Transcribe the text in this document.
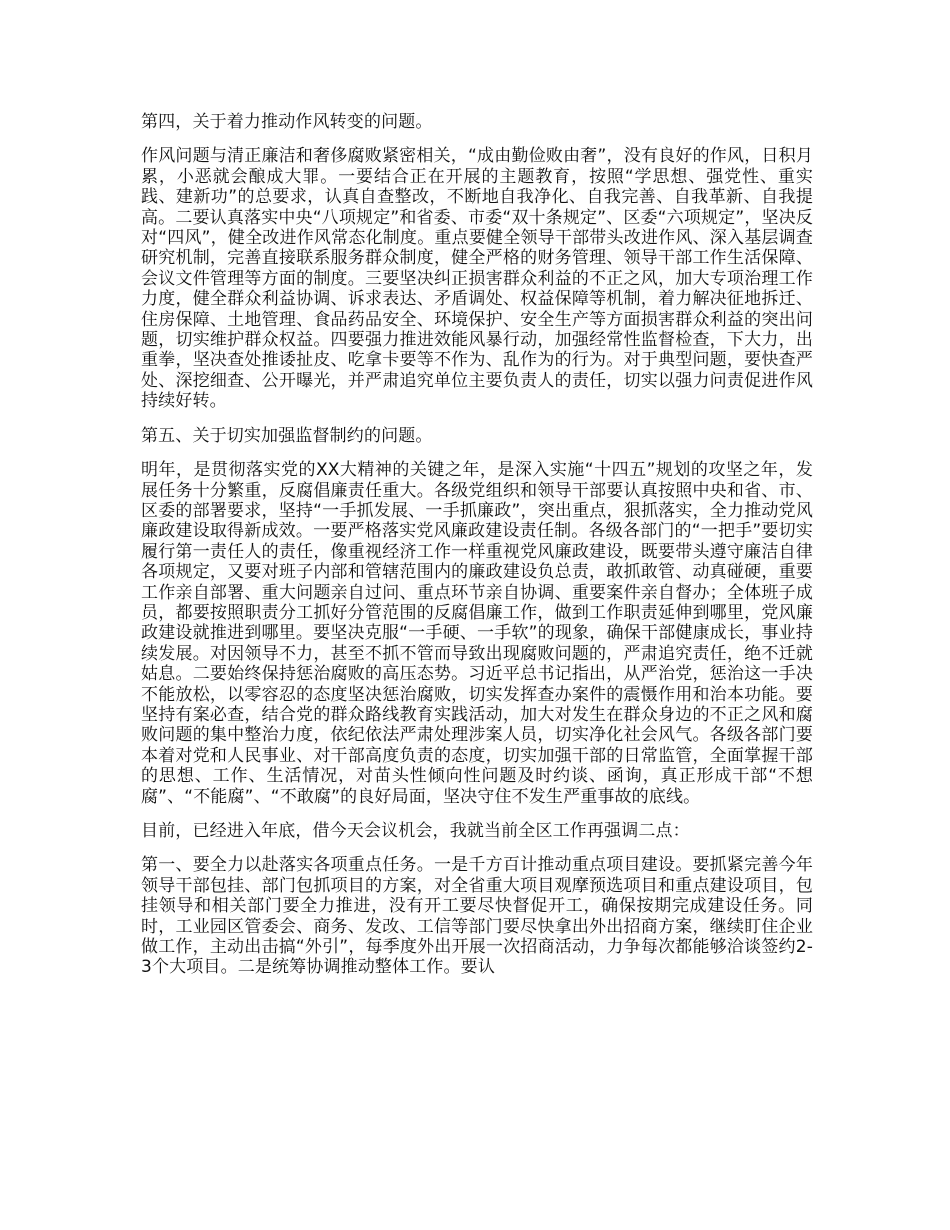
第四，关于着力推动作风转变的问题。

作风问题与清正廉洁和奢侈腐败紧密相关，“成由勤俭败由奢”，没有良好的作风，日积月累，小恶就会酿成大罪。一要结合正在开展的主题教育，按照“学思想、强党性、重实践、建新功”的总要求，认真自查整改，不断地自我净化、自我完善、自我革新、自我提高。二要认真落实中央“八项规定”和省委、市委“双十条规定”、区委“六项规定”，坚决反对“四风”，健全改进作风常态化制度。重点要健全领导干部带头改进作风、深入基层调查研究机制，完善直接联系服务群众制度，健全严格的财务管理、领导干部工作生活保障、会议文件管理等方面的制度。三要坚决纠正损害群众利益的不正之风，加大专项治理工作力度，健全群众利益协调、诉求表达、矛盾调处、权益保障等机制，着力解决征地拆迁、住房保障、土地管理、食品药品安全、环境保护、安全生产等方面损害群众利益的突出问题，切实维护群众权益。四要强力推进效能风暴行动，加强经常性监督检查，下大力，出重拳，坚决查处推诿扯皮、吃拿卡要等不作为、乱作为的行为。对于典型问题，要快查严处、深挖细查、公开曝光，并严肃追究单位主要负责人的责任，切实以强力问责促进作风持续好转。

第五、关于切实加强监督制约的问题。

明年，是贯彻落实党的XX大精神的关键之年，是深入实施“十四五”规划的攻坚之年，发展任务十分繁重，反腐倡廉责任重大。各级党组织和领导干部要认真按照中央和省、市、区委的部署要求，坚持“一手抓发展、一手抓廉政”，突出重点，狠抓落实，全力推动党风廉政建设取得新成效。一要严格落实党风廉政建设责任制。各级各部门的“一把手”要切实履行第一责任人的责任，像重视经济工作一样重视党风廉政建设，既要带头遵守廉洁自律各项规定，又要对班子内部和管辖范围内的廉政建设负总责，敢抓敢管、动真碰硬，重要工作亲自部署、重大问题亲自过问、重点环节亲自协调、重要案件亲自督办；全体班子成员，都要按照职责分工抓好分管范围的反腐倡廉工作，做到工作职责延伸到哪里，党风廉政建设就推进到哪里。要坚决克服“一手硬、一手软”的现象，确保干部健康成长，事业持续发展。对因领导不力，甚至不抓不管而导致出现腐败问题的，严肃追究责任，绝不迁就姑息。二要始终保持惩治腐败的高压态势。习近平总书记指出，从严治党，惩治这一手决不能放松，以零容忍的态度坚决惩治腐败，切实发挥查办案件的震慑作用和治本功能。要坚持有案必查，结合党的群众路线教育实践活动，加大对发生在群众身边的不正之风和腐败问题的集中整治力度，依纪依法严肃处理涉案人员，切实净化社会风气。各级各部门要本着对党和人民事业、对干部高度负责的态度，切实加强干部的日常监管，全面掌握干部的思想、工作、生活情况，对苗头性倾向性问题及时约谈、函询，真正形成干部“不想腐”、“不能腐”、“不敢腐”的良好局面，坚决守住不发生严重事故的底线。

目前，已经进入年底，借今天会议机会，我就当前全区工作再强调二点：

第一、要全力以赴落实各项重点任务。一是千方百计推动重点项目建设。要抓紧完善今年领导干部包挂、部门包抓项目的方案，对全省重大项目观摩预选项目和重点建设项目，包挂领导和相关部门要全力推进，没有开工要尽快督促开工，确保按期完成建设任务。同时，工业园区管委会、商务、发改、工信等部门要尽快拿出外出招商方案，继续盯住企业做工作，主动出击搞“外引”，每季度外出开展一次招商活动，力争每次都能够洽谈签约2-3个大项目。二是统筹协调推动整体工作。要认
